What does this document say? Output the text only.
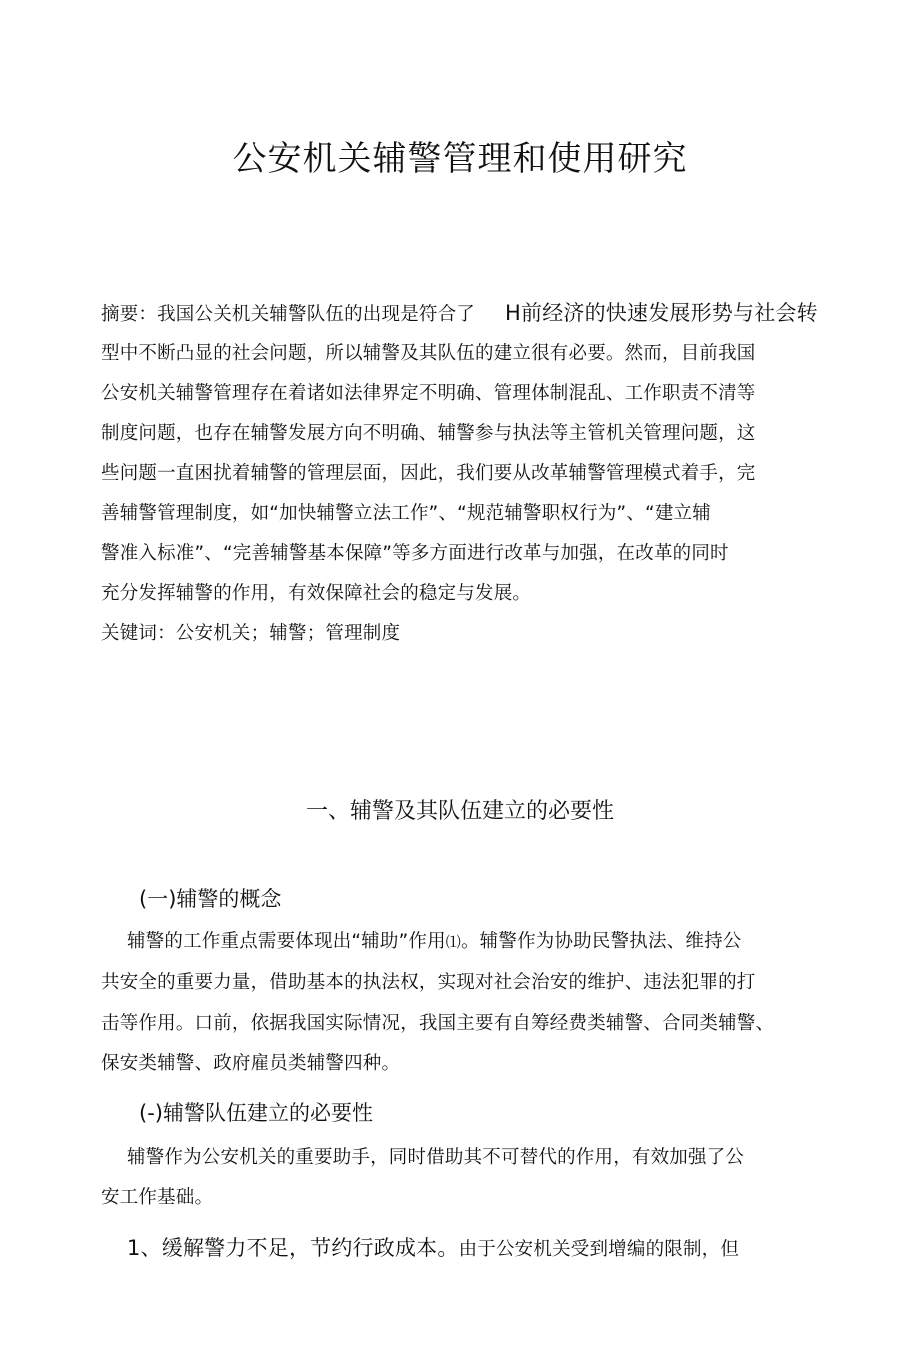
公安机关辅警管理和使用研究
摘要：我国公关机关辅警队伍的出现是符合了 H前经济的快速发展形势与社会转
型中不断凸显的社会问题，所以辅警及其队伍的建立很有必要。然而，目前我国
公安机关辅警管理存在着诸如法律界定不明确、管理体制混乱、工作职责不清等
制度问题，也存在辅警发展方向不明确、辅警参与执法等主管机关管理问题，这
些问题一直困扰着辅警的管理层面，因此，我们要从改革辅警管理模式着手，完
善辅警管理制度，如“加快辅警立法工作”、“规范辅警职权行为”、“建立辅
警准入标准”、“完善辅警基本保障”等多方面进行改革与加强，在改革的同时
充分发挥辅警的作用，有效保障社会的稳定与发展。
关键词：公安机关；辅警；管理制度
一、辅警及其队伍建立的必要性
(一)辅警的概念
辅警的工作重点需要体现出“辅助”作用⑴。辅警作为协助民警执法、维持公
共安全的重要力量，借助基本的执法权，实现对社会治安的维护、违法犯罪的打
击等作用。口前，依据我国实际情况，我国主要有自筹经费类辅警、合同类辅警、
保安类辅警、政府雇员类辅警四种。
(-)辅警队伍建立的必要性
辅警作为公安机关的重要助手，同时借助其不可替代的作用，有效加强了公
安工作基础。
1、缓解警力不足，节约行政成本。由于公安机关受到增编的限制，但
